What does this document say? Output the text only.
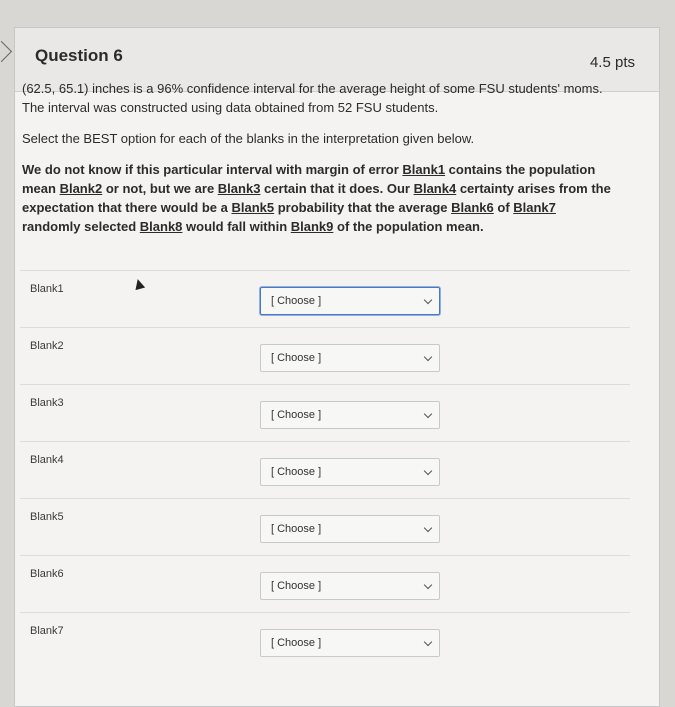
Question 6	4.5 pts

(62.5, 65.1) inches is a 96% confidence interval for the average height of some FSU students' moms. The interval was constructed using data obtained from 52 FSU students.

Select the BEST option for each of the blanks in the interpretation given below.

We do not know if this particular interval with margin of error Blank1 contains the population mean Blank2 or not, but we are Blank3 certain that it does. Our Blank4 certainty arises from the expectation that there would be a Blank5 probability that the average Blank6 of Blank7 randomly selected Blank8 would fall within Blank9 of the population mean.

Blank1
[ Choose ]
Blank2
[ Choose ]
Blank3
[ Choose ]
Blank4
[ Choose ]
Blank5
[ Choose ]
Blank6
[ Choose ]
Blank7
[ Choose ]
